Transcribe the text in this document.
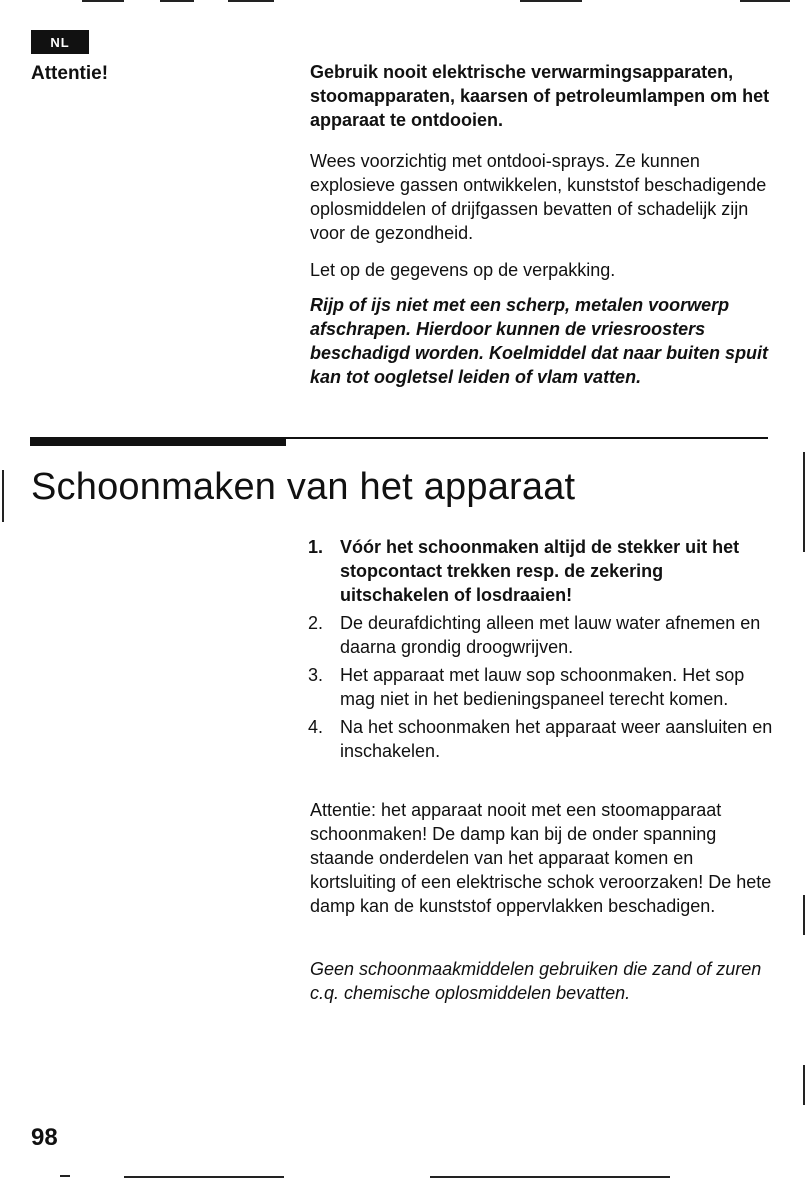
NL
Attentie!	Gebruik nooit elektrische verwarmingsapparaten, stoomapparaten, kaarsen of petroleumlampen om het apparaat te ontdooien.

Wees voorzichtig met ontdooi-sprays. Ze kunnen explosieve gassen ontwikkelen, kunststof beschadigende oplosmiddelen of drijfgassen bevatten of schadelijk zijn voor de gezondheid.

Let op de gegevens op de verpakking.

Rijp of ijs niet met een scherp, metalen voorwerp afschrapen. Hierdoor kunnen de vriesroosters beschadigd worden. Koelmiddel dat naar buiten spuit kan tot oogletsel leiden of vlam vatten.

Schoonmaken van het apparaat
1. Vóór het schoonmaken altijd de stekker uit het stopcontact trekken resp. de zekering uitschakelen of losdraaien!
2. De deurafdichting alleen met lauw water afnemen en daarna grondig droogwrijven.
3. Het apparaat met lauw sop schoonmaken. Het sop mag niet in het bedieningspaneel terecht komen.
4. Na het schoonmaken het apparaat weer aansluiten en inschakelen.

Attentie: het apparaat nooit met een stoomapparaat schoonmaken! De damp kan bij de onder spanning staande onderdelen van het apparaat komen en kortsluiting of een elektrische schok veroorzaken! De hete damp kan de kunststof oppervlakken beschadigen.

Geen schoonmaakmiddelen gebruiken die zand of zuren c.q. chemische oplosmiddelen bevatten.

98
